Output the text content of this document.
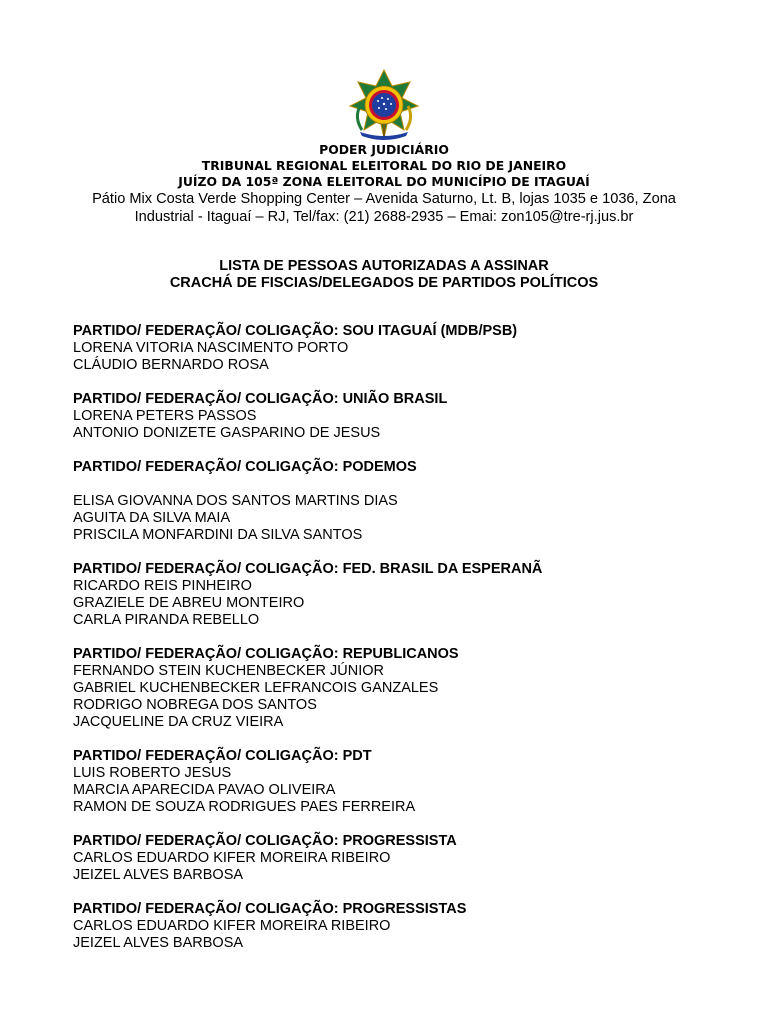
PODER JUDICIÁRIO
TRIBUNAL REGIONAL ELEITORAL DO RIO DE JANEIRO
JUÍZO DA 105ª ZONA ELEITORAL DO MUNICÍPIO DE ITAGUAÍ
Pátio Mix Costa Verde Shopping Center – Avenida Saturno, Lt. B, lojas 1035 e 1036, Zona
Industrial - Itaguaí – RJ, Tel/fax: (21) 2688-2935 – Emai: zon105@tre-rj.jus.br
LISTA DE PESSOAS AUTORIZADAS A ASSINAR
CRACHÁ DE FISCIAS/DELEGADOS DE PARTIDOS POLÍTICOS
PARTIDO/ FEDERAÇÃO/ COLIGAÇÃO: SOU ITAGUAÍ (MDB/PSB)
LORENA VITORIA NASCIMENTO PORTO
CLÁUDIO BERNARDO ROSA
PARTIDO/ FEDERAÇÃO/ COLIGAÇÃO: UNIÃO BRASIL
LORENA PETERS PASSOS
ANTONIO DONIZETE GASPARINO DE JESUS
PARTIDO/ FEDERAÇÃO/ COLIGAÇÃO: PODEMOS
ELISA GIOVANNA DOS SANTOS MARTINS DIAS
AGUITA DA SILVA MAIA
PRISCILA MONFARDINI DA SILVA SANTOS
PARTIDO/ FEDERAÇÃO/ COLIGAÇÃO: FED. BRASIL DA ESPERANÃ
RICARDO REIS PINHEIRO
GRAZIELE DE ABREU MONTEIRO
CARLA PIRANDA REBELLO
PARTIDO/ FEDERAÇÃO/ COLIGAÇÃO: REPUBLICANOS
FERNANDO STEIN KUCHENBECKER JÚNIOR
GABRIEL KUCHENBECKER LEFRANCOIS GANZALES
RODRIGO NOBREGA DOS SANTOS
JACQUELINE DA CRUZ VIEIRA
PARTIDO/ FEDERAÇÃO/ COLIGAÇÃO: PDT
LUIS ROBERTO JESUS
MARCIA APARECIDA PAVAO OLIVEIRA
RAMON DE SOUZA RODRIGUES PAES FERREIRA
PARTIDO/ FEDERAÇÃO/ COLIGAÇÃO: PROGRESSISTA
CARLOS EDUARDO KIFER MOREIRA RIBEIRO
JEIZEL ALVES BARBOSA
PARTIDO/ FEDERAÇÃO/ COLIGAÇÃO: PROGRESSISTAS
CARLOS EDUARDO KIFER MOREIRA RIBEIRO
JEIZEL ALVES BARBOSA
